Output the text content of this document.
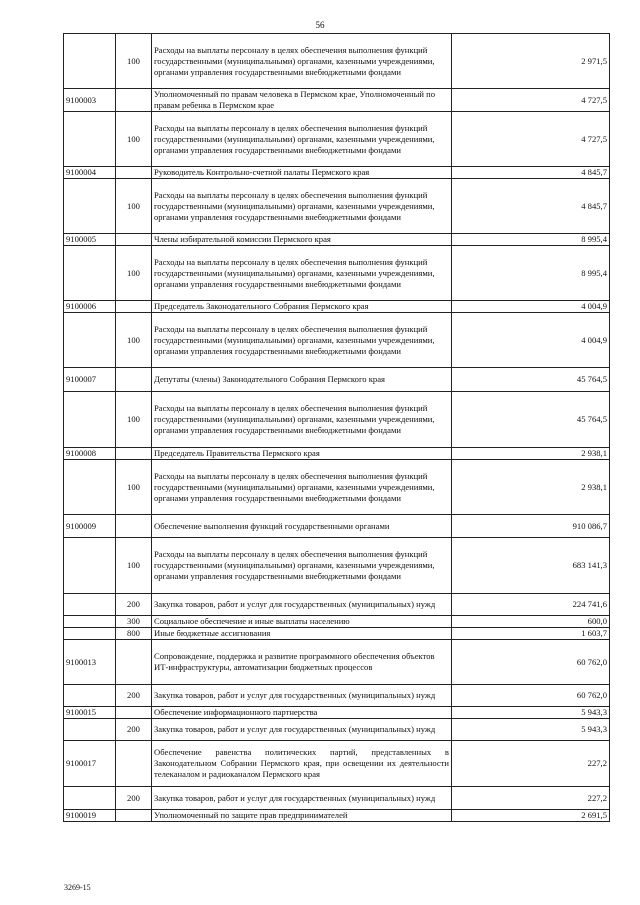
56
	100	Расходы на выплаты персоналу в целях обеспечения выполнения функций государственными (муниципальными) органами, казенными учреждениями, органами управления государственными внебюджетными фондами	2 971,5
9100003		Уполномоченный по правам человека в Пермском крае, Уполномоченный по правам ребенка в Пермском крае	4 727,5
	100	Расходы на выплаты персоналу в целях обеспечения выполнения функций государственными (муниципальными) органами, казенными учреждениями, органами управления государственными внебюджетными фондами	4 727,5
9100004		Руководитель Контрольно-счетной палаты Пермского края	4 845,7
	100	Расходы на выплаты персоналу в целях обеспечения выполнения функций государственными (муниципальными) органами, казенными учреждениями, органами управления государственными внебюджетными фондами	4 845,7
9100005		Члены избирательной комиссии Пермского края	8 995,4
	100	Расходы на выплаты персоналу в целях обеспечения выполнения функций государственными (муниципальными) органами, казенными учреждениями, органами управления государственными внебюджетными фондами	8 995,4
9100006		Председатель Законодательного Собрания Пермского края	4 004,9
	100	Расходы на выплаты персоналу в целях обеспечения выполнения функций государственными (муниципальными) органами, казенными учреждениями, органами управления государственными внебюджетными фондами	4 004,9
9100007		Депутаты (члены) Законодательного Собрания Пермского края	45 764,5
	100	Расходы на выплаты персоналу в целях обеспечения выполнения функций государственными (муниципальными) органами, казенными учреждениями, органами управления государственными внебюджетными фондами	45 764,5
9100008		Председатель Правительства Пермского края	2 938,1
	100	Расходы на выплаты персоналу в целях обеспечения выполнения функций государственными (муниципальными) органами, казенными учреждениями, органами управления государственными внебюджетными фондами	2 938,1
9100009		Обеспечение выполнения функций государственными органами	910 086,7
	100	Расходы на выплаты персоналу в целях обеспечения выполнения функций государственными (муниципальными) органами, казенными учреждениями, органами управления государственными внебюджетными фондами	683 141,3
	200	Закупка товаров, работ и услуг для государственных (муниципальных) нужд	224 741,6
	300	Социальное обеспечение и иные выплаты населению	600,0
	800	Иные бюджетные ассигнования	1 603,7
9100013		Сопровождение, поддержка и развитие программного обеспечения объектов ИТ-инфраструктуры, автоматизации бюджетных процессов	60 762,0
	200	Закупка товаров, работ и услуг для государственных (муниципальных) нужд	60 762,0
9100015		Обеспечение информационного партнерства	5 943,3
	200	Закупка товаров, работ и услуг для государственных (муниципальных) нужд	5 943,3
9100017		Обеспечение равенства политических партий, представленных в Законодательном Собрании Пермского края, при освещении их деятельности телеканалом и радиоканалом Пермского края	227,2
	200	Закупка товаров, работ и услуг для государственных (муниципальных) нужд	227,2
9100019		Уполномоченный по защите прав предпринимателей	2 691,5
3269-15
